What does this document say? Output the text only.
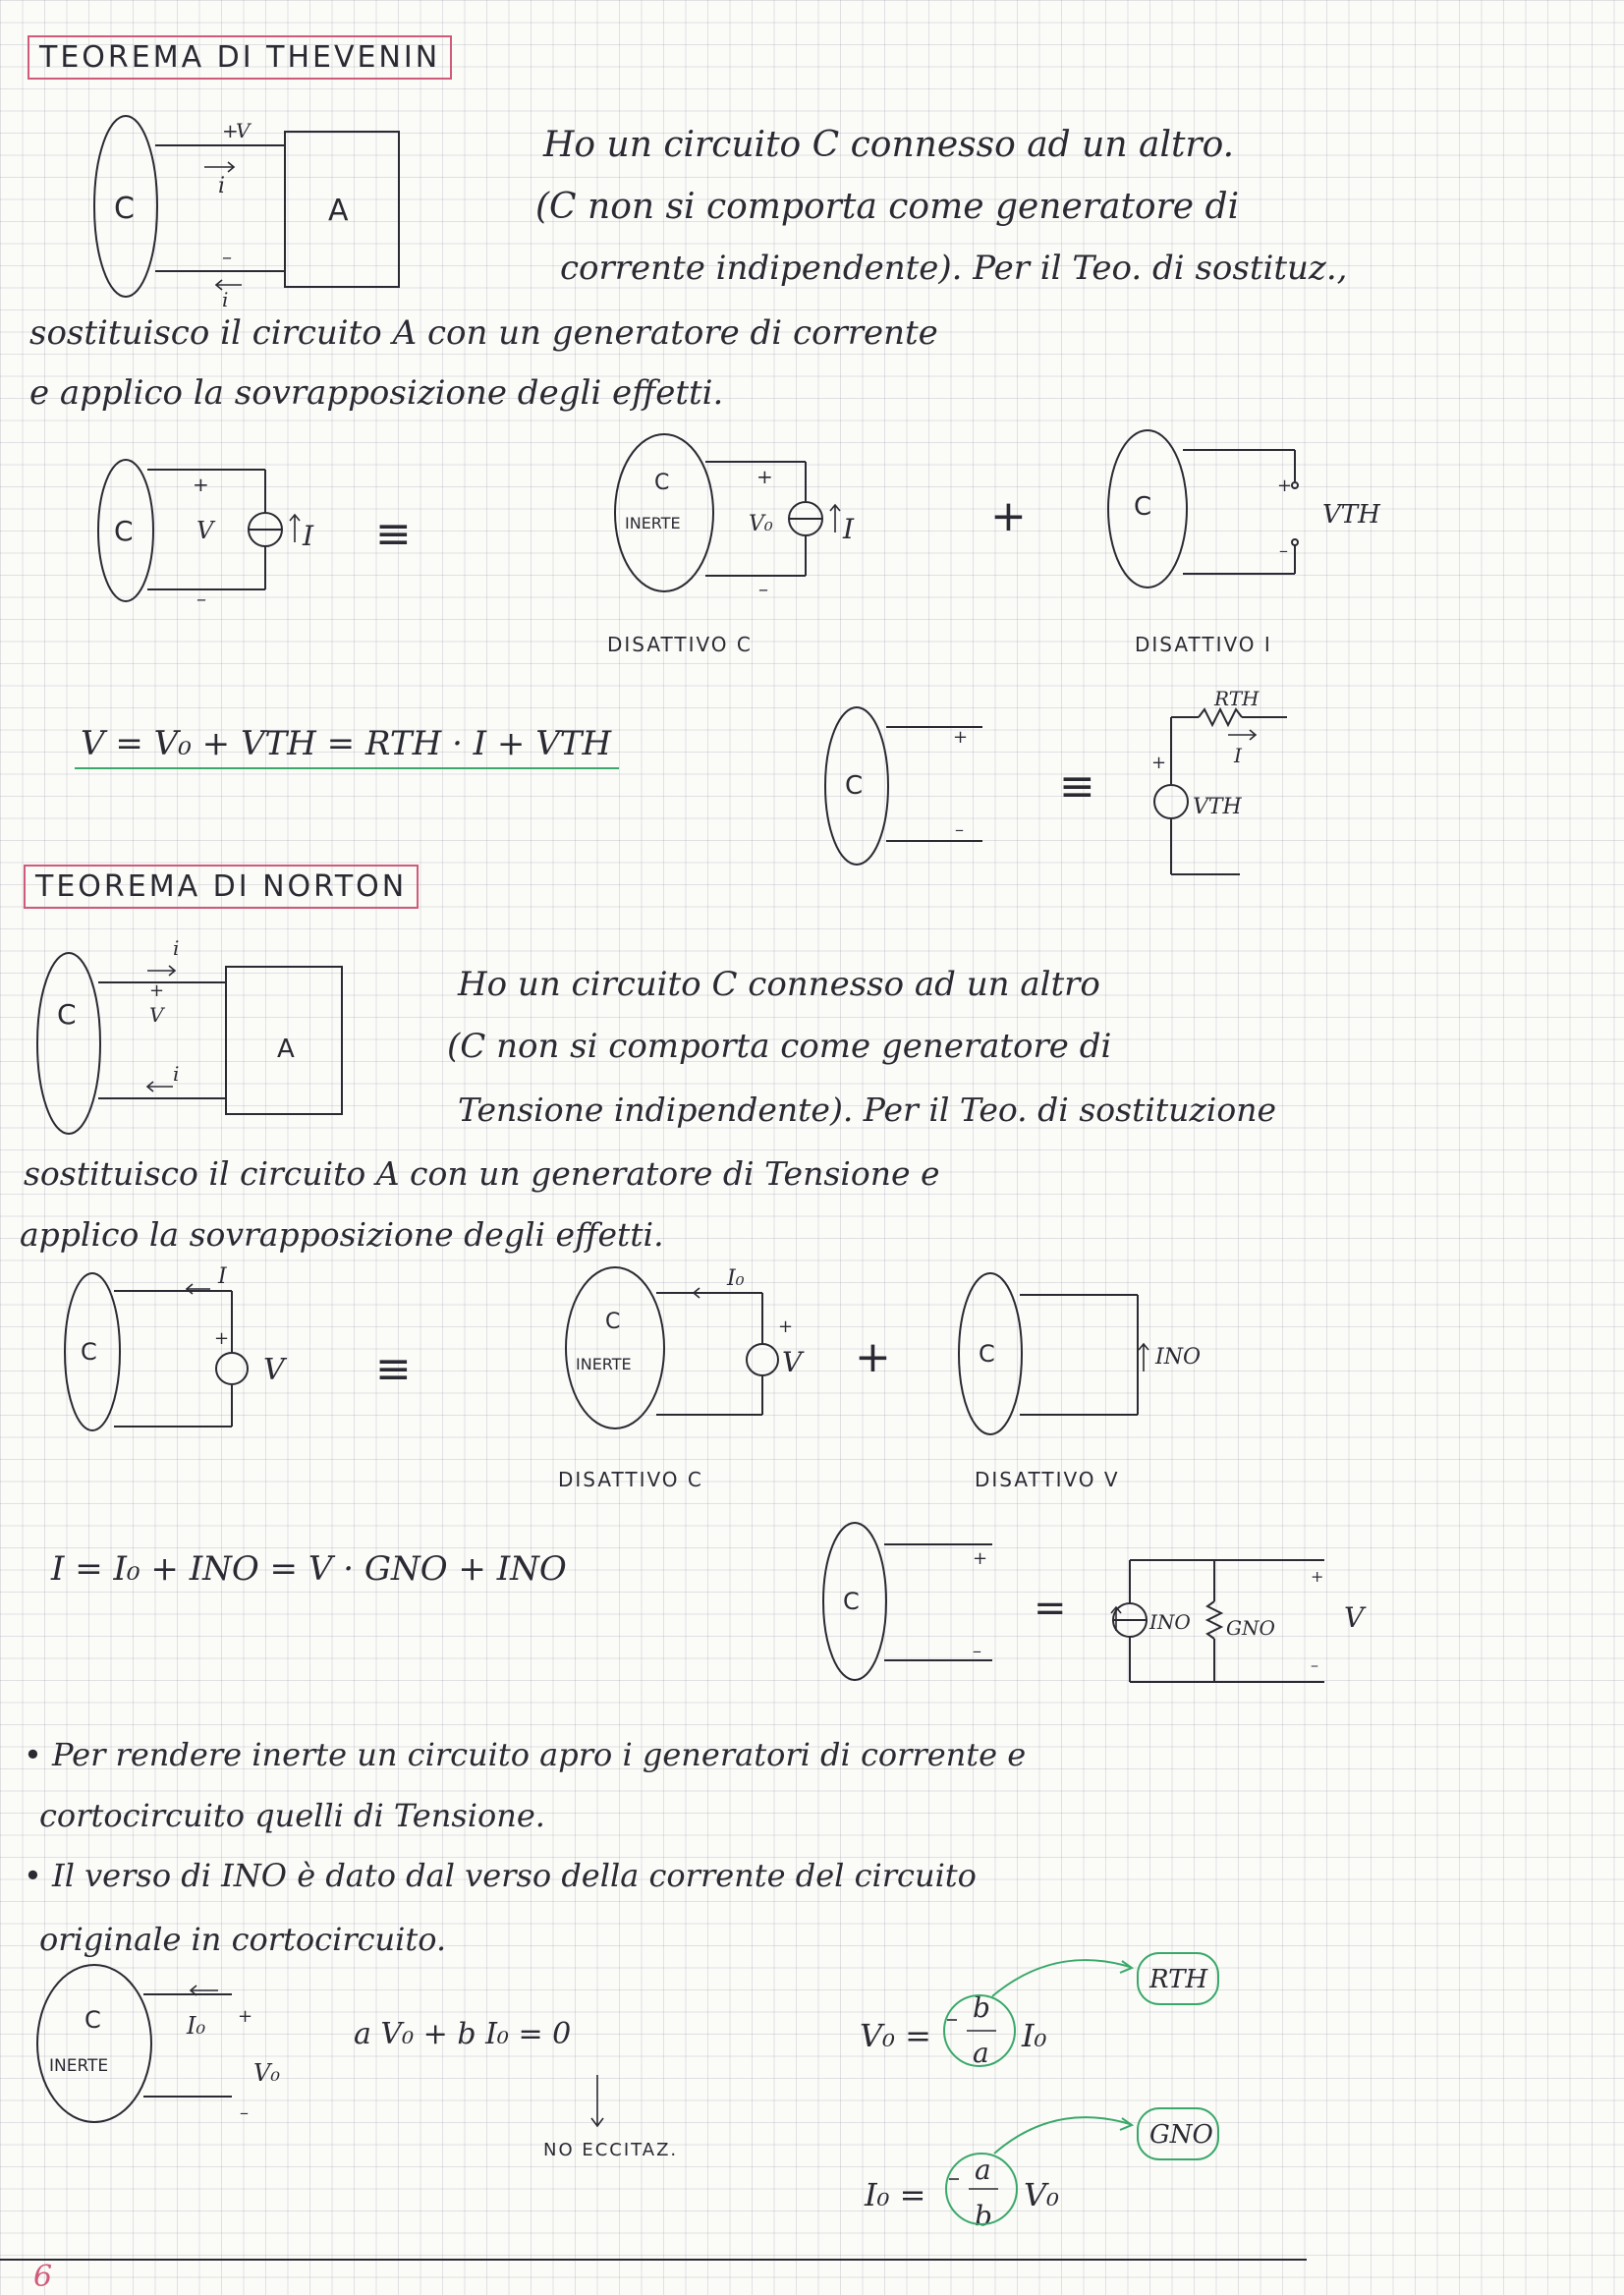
TEOREMA DI THEVENIN
Ho un circuito C connesso ad un altro.
(C non si comporta come generatore di
corrente indipendente). Per il Teo. di sostituz.,
sostituisco il circuito A con un generatore di corrente
e applico la sovrapposizione degli effetti.
DISATTIVO C	DISATTIVO I
V = V₀ + VTH = RTH · I + VTH
TEOREMA DI NORTON
Ho un circuito C connesso ad un altro
(C non si comporta come generatore di
Tensione indipendente). Per il Teo. di sostituzione
sostituisco il circuito A con un generatore di Tensione e
applico la sovrapposizione degli effetti.
DISATTIVO C	DISATTIVO V
I = I₀ + INO = V · GNO + INO
• Per rendere inerte un circuito apro i generatori di corrente e
cortocircuito quelli di Tensione.
• Il verso di INO è dato dal verso della corrente del circuito
originale in cortocircuito.
a V₀ + b I₀ = 0
NO ECCITAZ.
V₀ =
b
a I₀
I₀ =
a
b
V₀
6
C	A
+
V
i
–
i
C	I
+
V
–
≡
C
INERTE	I
+
V₀
–
+	C
+
–
VTH
C
+
–
≡
RTH
+
VTH
I
C
A
i
+
V
i
C	+
V
I
≡
C
INERTE
+
V
I₀
+	C	INO
C
+
–
=	INO GNO
+
–
V
C
INERTE
I₀ +
V₀
–
RTH
GNO
